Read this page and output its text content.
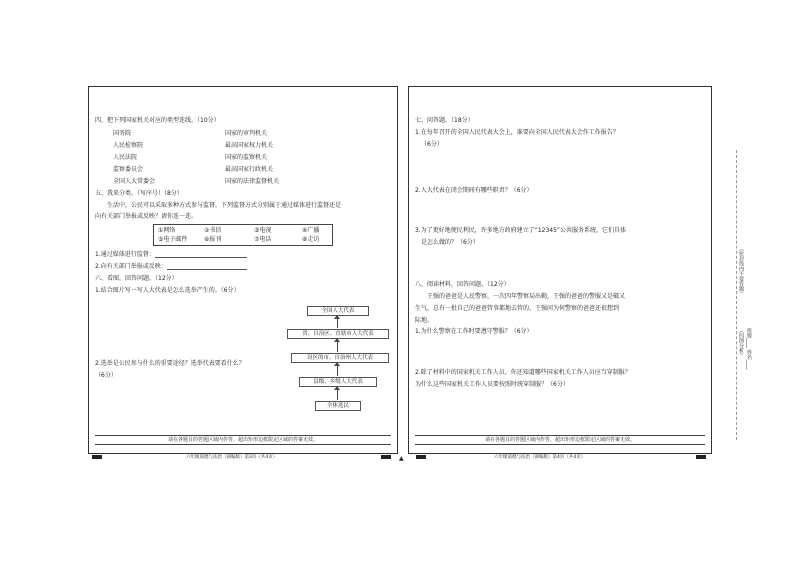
四、把下列国家机关对应的类型连线。（10分）
国务院
人民检察院
人民法院
监察委员会
全国人大常委会
国家的审判机关
最高国家权力机关
国家的监察机关
最高国家行政机关
国家的法律监督机关
五、我来分类。（写序号）（8分）
生活中，公民可以采取多种方式参与监督。下列监督方式分别属于通过媒体进行监督还是
向有关部门举报或反映？请你连一连。
①网络	②书信	③电视	④广播
⑤电子邮件	⑥报刊	⑦电话	⑧走访
1.通过媒体进行监督：
2.向有关部门举报或反映：
六、看图，回答问题。（12分）
1.结合图片写一写人大代表是怎么选举产生的。（6分）
2.选举是公民参与什么的重要途径？选举代表要看什么？
（6分）
全国人大代表
省、自治区、直辖市人大代表
设区的市、自治州人大代表
县级、乡级人大代表
全体选民
请在各题目的答题区域内作答，超出矩形边框限定区域的答案无效。
七、问答题。（18分）
1.在每年召开的全国人民代表大会上，谁要向全国人民代表大会作工作报告？
（6分）
2.人大代表在闭会期间有哪些职责？（6分）
3.为了更好地便民利民，许多地方政府建立了“12345”公共服务系统，它们具体
是怎么做的？（6分）
八、阅读材料，回答问题。（12分）
王强的爸爸是人民警察，一次四年警察局出勤，王强的爸爸的警服又是破又
生气，总有一批自己的爸爸管事都地去管的，王强问为何警察的爸爸还很想到
际地。
1.为什么警察在工作时要遵守警服？（6分）
2.除了材料中的国家机关工作人员，你还知道哪些国家机关工作人员应当穿制服？
为什么这些国家机关工作人员要按照时统穿制服？（6分）
请在各题目的答题区域内作答，超出矩形边框限定区域的答案无效。
六年级道德与法治（部编版）第3页（共4页）	▲	六年级道德与法治（部编版）第4页（共4页）
（密封线内不要答题）
（四图分析） 班级____ 姓名____
